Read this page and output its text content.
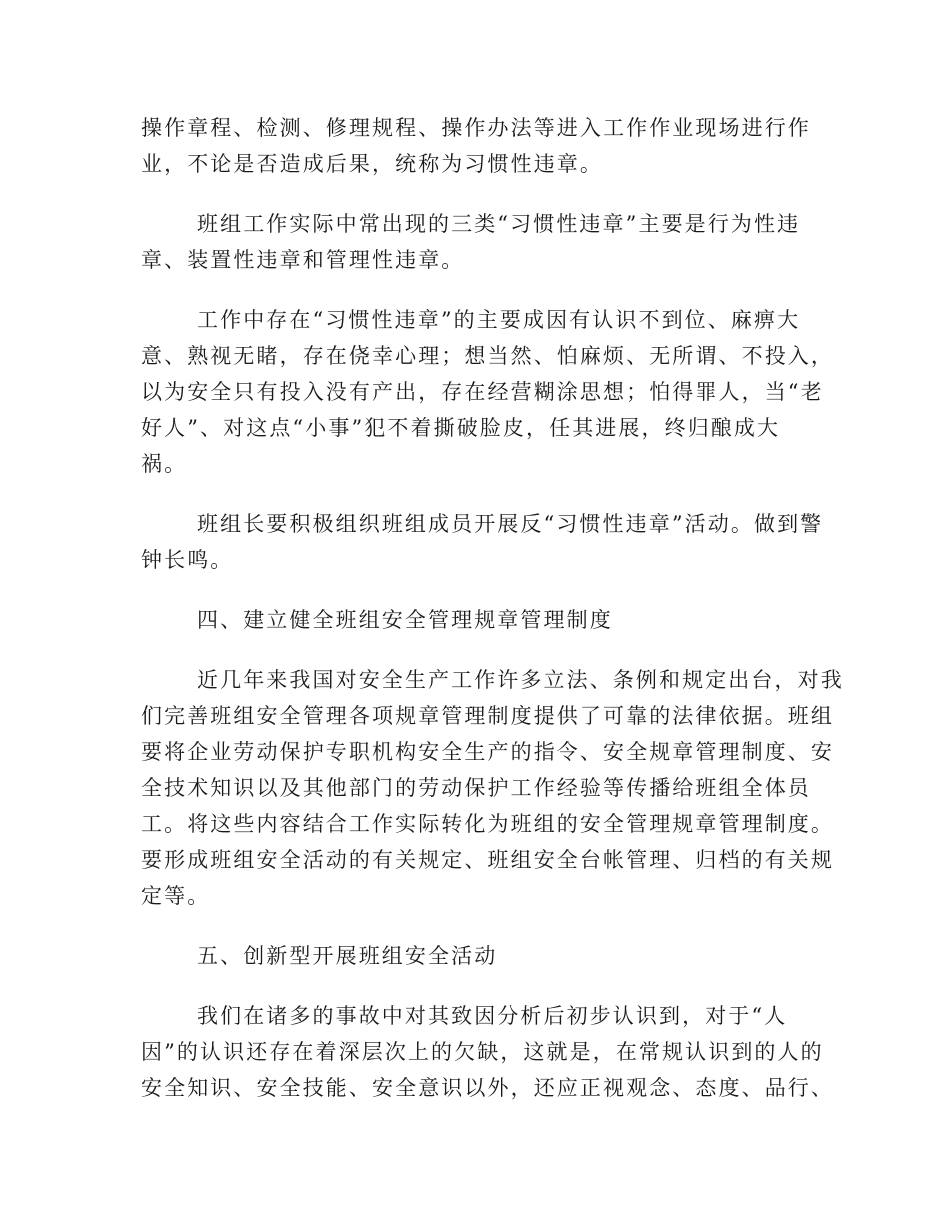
操作章程、检测、修理规程、操作办法等进入工作作业现场进行作
业，不论是否造成后果，统称为习惯性违章。

班组工作实际中常出现的三类“习惯性违章”主要是行为性违
章、装置性违章和管理性违章。

工作中存在“习惯性违章”的主要成因有认识不到位、麻痹大
意、熟视无睹，存在侥幸心理；想当然、怕麻烦、无所谓、不投入，
以为安全只有投入没有产出，存在经营糊涂思想；怕得罪人，当“老
好人”、对这点“小事”犯不着撕破脸皮，任其进展，终归酿成大
祸。

班组长要积极组织班组成员开展反“习惯性违章”活动。做到警
钟长鸣。

四、建立健全班组安全管理规章管理制度

近几年来我国对安全生产工作许多立法、条例和规定出台，对我
们完善班组安全管理各项规章管理制度提供了可靠的法律依据。班组
要将企业劳动保护专职机构安全生产的指令、安全规章管理制度、安
全技术知识以及其他部门的劳动保护工作经验等传播给班组全体员
工。将这些内容结合工作实际转化为班组的安全管理规章管理制度。
要形成班组安全活动的有关规定、班组安全台帐管理、归档的有关规
定等。

五、创新型开展班组安全活动

我们在诸多的事故中对其致因分析后初步认识到，对于“人
因”的认识还存在着深层次上的欠缺，这就是，在常规认识到的人的
安全知识、安全技能、安全意识以外，还应正视观念、态度、品行、
